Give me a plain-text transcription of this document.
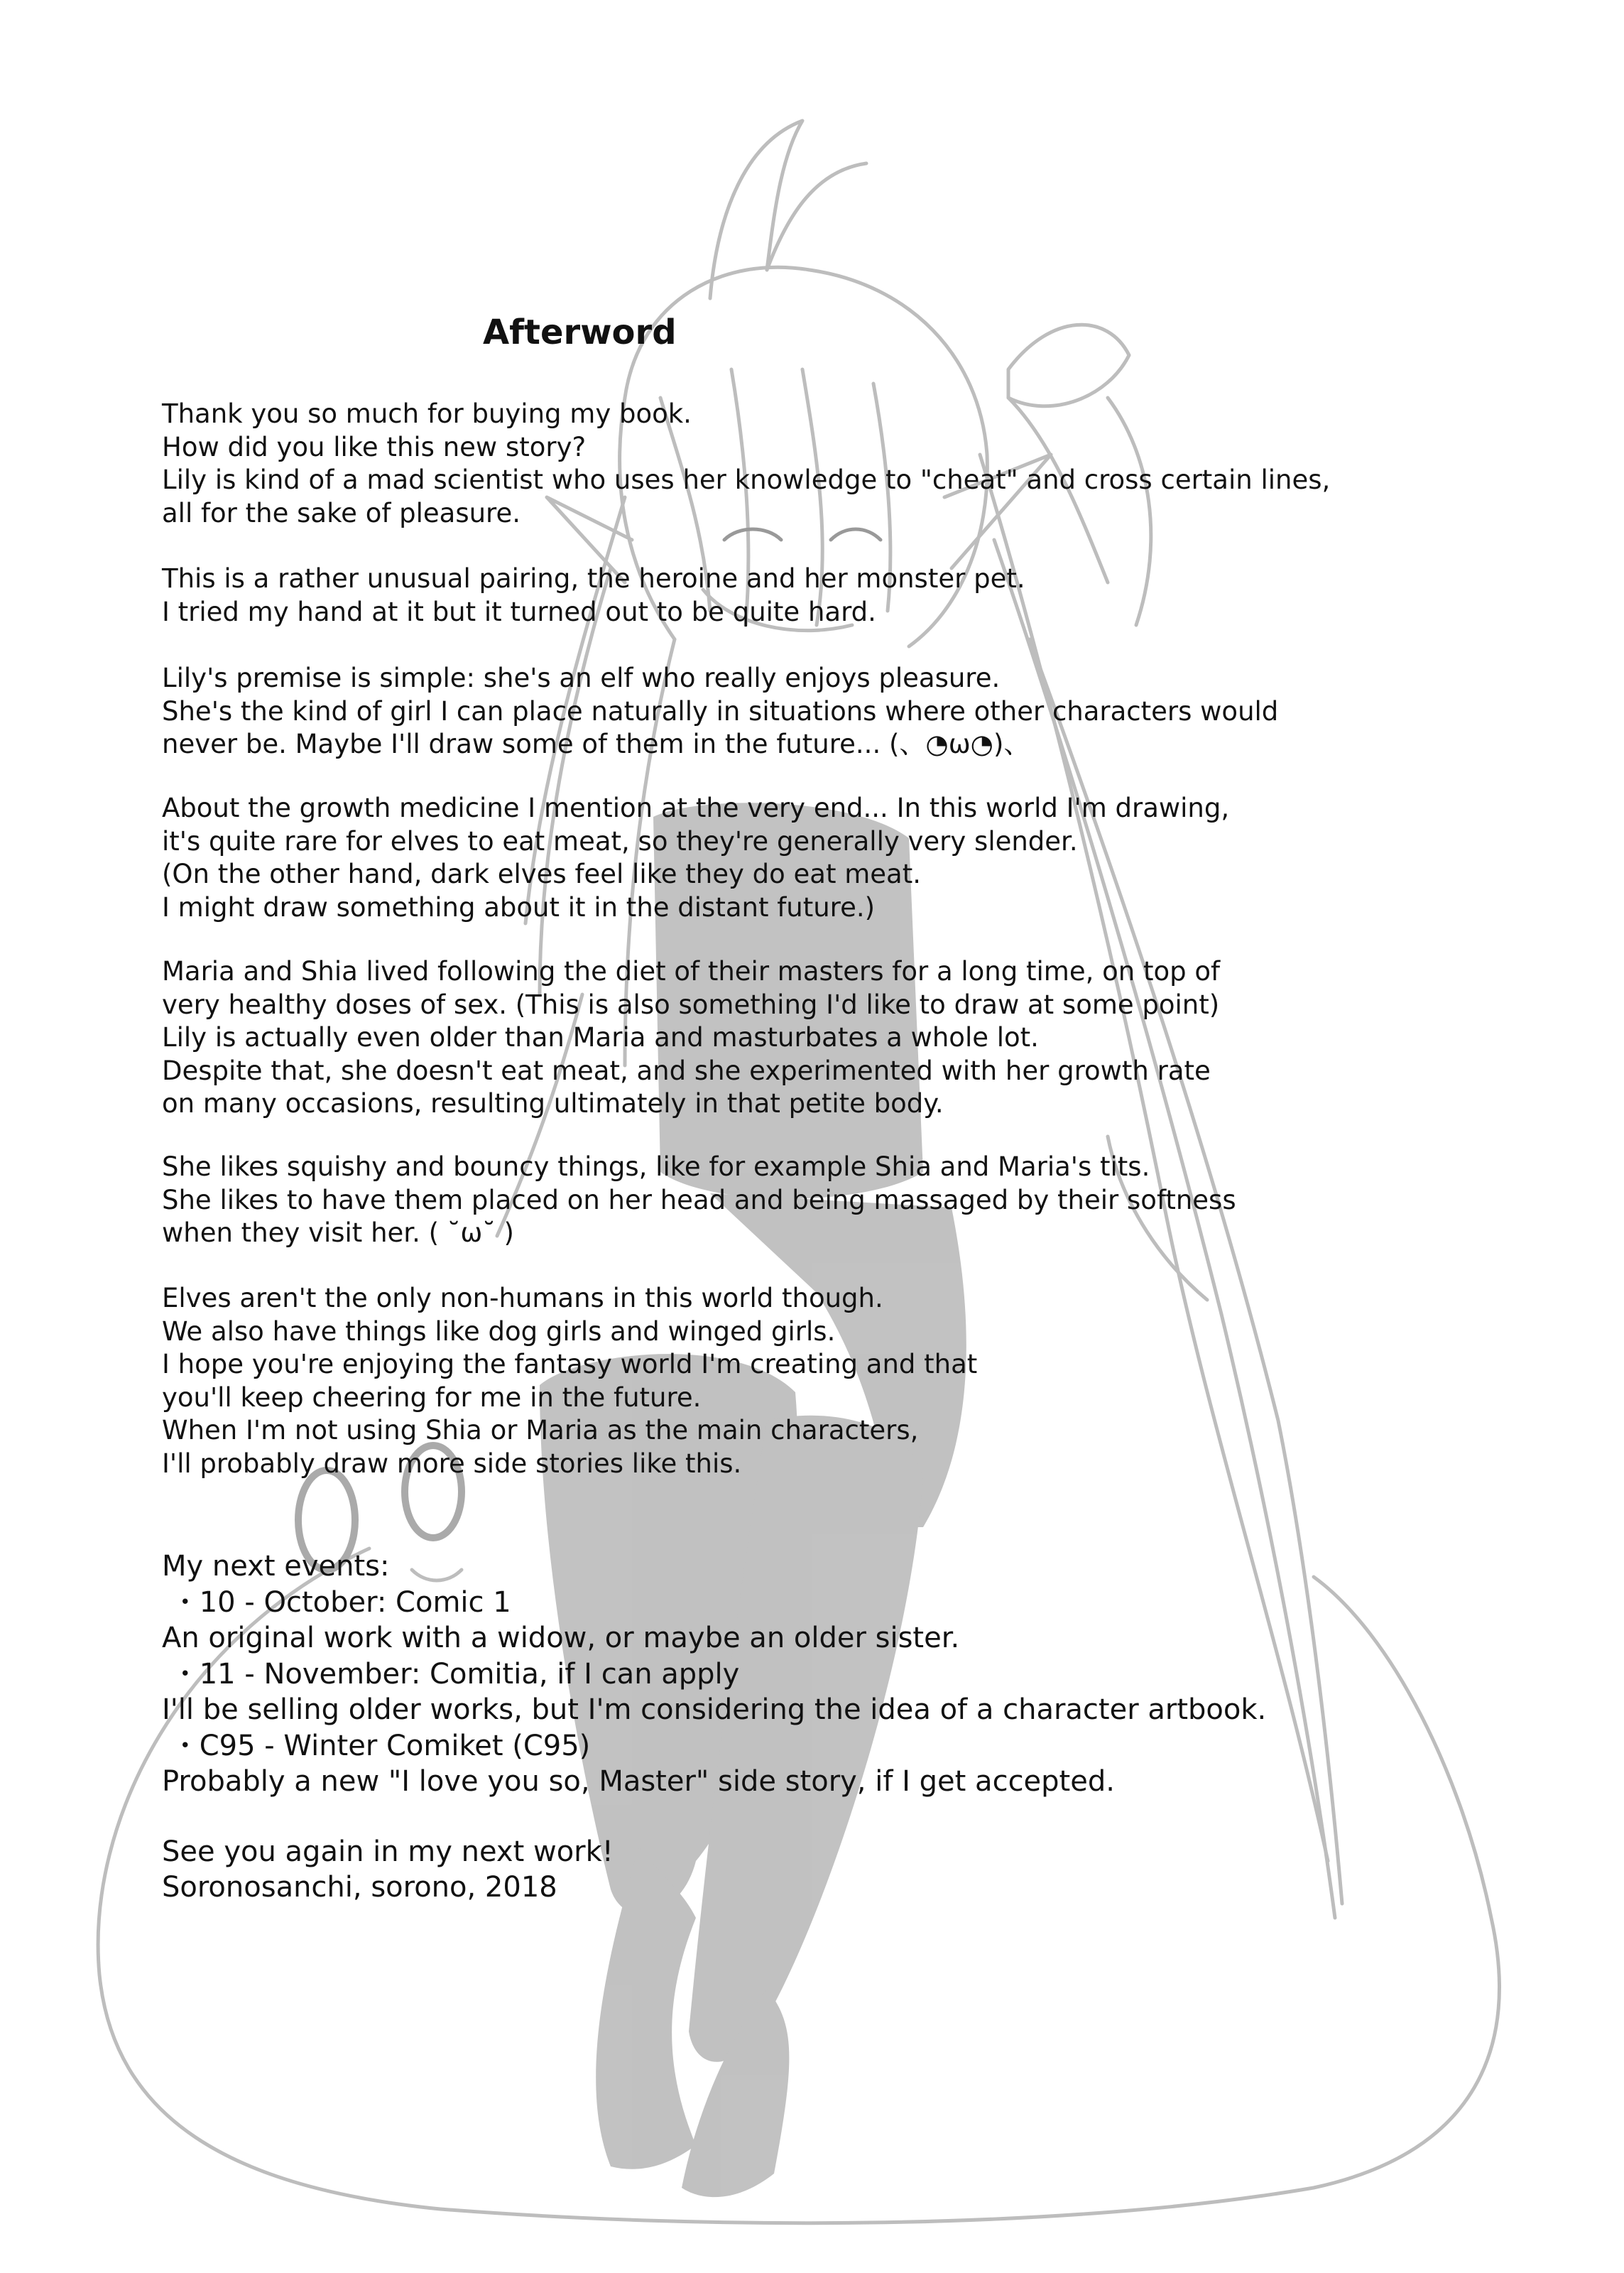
Afterword
Thank you so much for buying my book.
How did you like this new story?
Lily is kind of a mad scientist who uses her knowledge to "cheat" and cross certain lines,
all for the sake of pleasure.
This is a rather unusual pairing, the heroine and her monster pet.
I tried my hand at it but it turned out to be quite hard.
Lily's premise is simple: she's an elf who really enjoys pleasure.
She's the kind of girl I can place naturally in situations where other characters would
never be. Maybe I'll draw some of them in the future... (、◔ω◔)、
About the growth medicine I mention at the very end... In this world I'm drawing,
it's quite rare for elves to eat meat, so they're generally very slender.
(On the other hand, dark elves feel like they do eat meat.
I might draw something about it in the distant future.)
Maria and Shia lived following the diet of their masters for a long time, on top of
very healthy doses of sex. (This is also something I'd like to draw at some point)
Lily is actually even older than Maria and masturbates a whole lot.
Despite that, she doesn't eat meat, and she experimented with her growth rate
on many occasions, resulting ultimately in that petite body.
She likes squishy and bouncy things, like for example Shia and Maria's tits.
She likes to have them placed on her head and being massaged by their softness
when they visit her. ( ˘ω˘ )
Elves aren't the only non-humans in this world though.
We also have things like dog girls and winged girls.
I hope you're enjoying the fantasy world I'm creating and that
you'll keep cheering for me in the future.
When I'm not using Shia or Maria as the main characters,
I'll probably draw more side stories like this.
My next events:
・10 - October: Comic 1
An original work with a widow, or maybe an older sister.
・11 - November: Comitia, if I can apply
I'll be selling older works, but I'm considering the idea of a character artbook.
・C95 - Winter Comiket (C95)
Probably a new "I love you so, Master" side story, if I get accepted.
See you again in my next work!
Soronosanchi, sorono, 2018
